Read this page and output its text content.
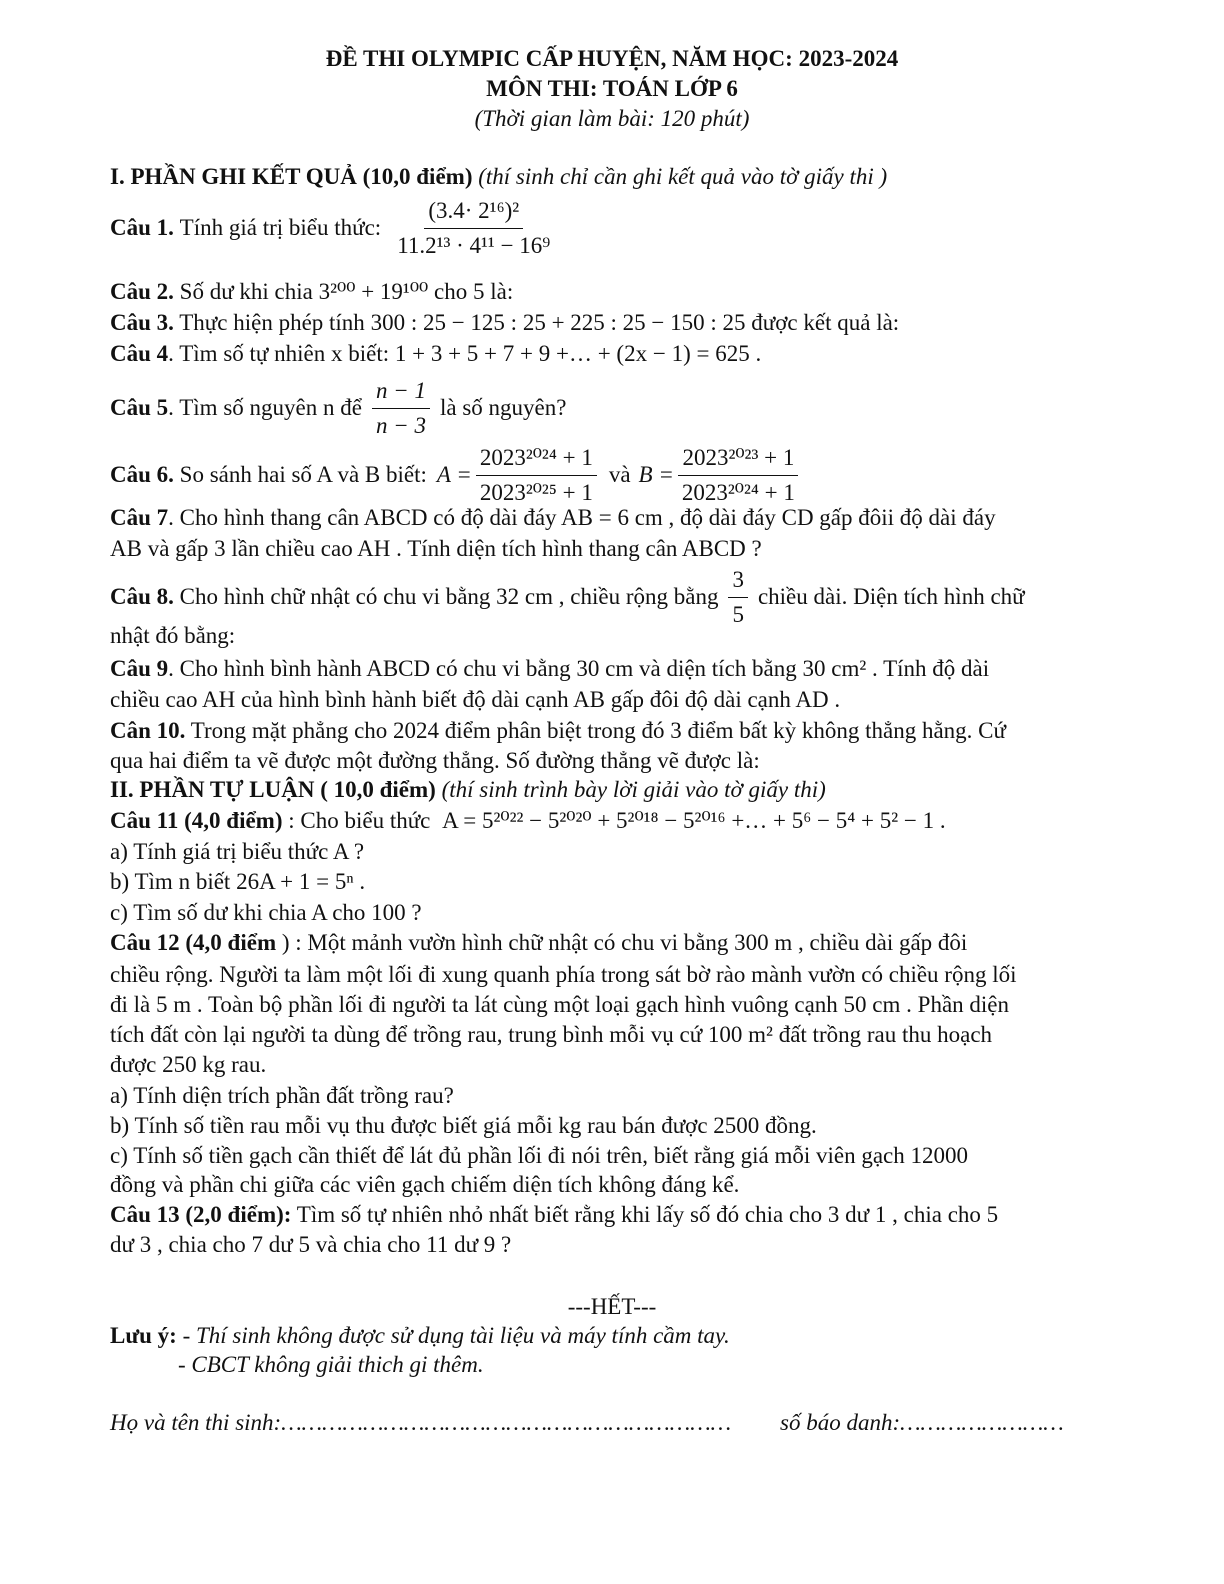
ĐỀ THI OLYMPIC CẤP HUYỆN, NĂM HỌC: 2023-2024
MÔN THI: TOÁN LỚP 6
(Thời gian làm bài: 120 phút)
I. PHẦN GHI KẾT QUẢ (10,0 điểm) (thí sinh chỉ cần ghi kết quả vào tờ giấy thi )
Câu 1.
Tính giá trị biểu thức: $\frac{\text{(3.4· 2¹⁶)²}}{\text{11.2¹³ · 4¹¹ − 16⁹}}$
Câu 2. Số dư khi chia 3²⁰⁰ + 19¹⁰⁰ cho 5 là:
Câu 3. Thực hiện phép tính 300 : 25 − 125 : 25 + 225 : 25 − 150 : 25 được kết quả là:
Câu 4. Tìm số tự nhiên x biết: 1 + 3 + 5 + 7 + 9 +… + (2x − 1) = 625 .
Câu 5 . Tìm số nguyên n để $\frac{n - 1}{n - 3}$ là số nguyên?
Câu 6.
So sánh hai số A và B biết: $A = \frac{\text{2023²⁰²⁴ + 1}}{\text{2023²⁰²⁵ + 1}}$ và $B = \frac{\text{2023²⁰²³ + 1}}{\text{2023²⁰²⁴ + 1}}$
Câu 7. Cho hình thang cân ABCD có độ dài đáy AB = 6 cm , độ dài đáy CD gấp đôii độ dài đáy
AB và gấp 3 lần chiều cao AH . Tính diện tích hình thang cân ABCD ?
Câu 8.
Cho hình chữ nhật có chu vi bằng 32 cm , chiều rộng bằng $\frac{3}{5}$ chiều dài. Diện tích hình chữ
nhật đó bằng:
Câu 9. Cho hình bình hành ABCD có chu vi bằng 30 cm và diện tích bằng 30 cm² . Tính độ dài
chiều cao AH của hình bình hành biết độ dài cạnh AB gấp đôi độ dài cạnh AD .
Cân 10. Trong mặt phẳng cho 2024 điểm phân biệt trong đó 3 điểm bất kỳ không thẳng hằng. Cứ
qua hai điểm ta vẽ được một đường thẳng. Số đường thẳng vẽ được là:
II. PHẦN TỰ LUẬN ( 10,0 điểm) (thí sinh trình bày lời giải vào tờ giấy thi)
Câu 11 (4,0 điểm) : Cho biểu thức A = 5²⁰²² − 5²⁰²⁰ + 5²⁰¹⁸ − 5²⁰¹⁶ +… + 5⁶ − 5⁴ + 5² − 1 .
a) Tính giá trị biểu thức A ?
b) Tìm n biết 26A + 1 = 5ⁿ .
c) Tìm số dư khi chia A cho 100 ?
Câu 12 (4,0 điểm ) : Một mảnh vườn hình chữ nhật có chu vi bằng 300 m , chiều dài gấp đôi
chiều rộng. Người ta làm một lối đi xung quanh phía trong sát bờ rào mành vườn có chiều rộng lối
đi là 5 m . Toàn bộ phần lối đi người ta lát cùng một loại gạch hình vuông cạnh 50 cm . Phần diện
tích đất còn lại người ta dùng để trồng rau, trung bình mỗi vụ cứ 100 m² đất trồng rau thu hoạch
được 250 kg rau.
a) Tính diện trích phần đất trồng rau?
b) Tính số tiền rau mỗi vụ thu được biết giá mỗi kg rau bán được 2500 đồng.
c) Tính số tiền gạch cần thiết để lát đủ phần lối đi nói trên, biết rằng giá mỗi viên gạch 12000
đồng và phần chi giữa các viên gạch chiếm diện tích không đáng kể.
Câu 13 (2,0 điểm): Tìm số tự nhiên nhỏ nhất biết rằng khi lấy số đó chia cho 3 dư 1 , chia cho 5
dư 3 , chia cho 7 dư 5 và chia cho 11 dư 9 ?
---HẾT---
Lưu ý: - Thí sinh không được sử dụng tài liệu và máy tính cầm tay.
- CBCT không giải thich gi thêm.
Họ và tên thi sinh:………………………………………………………… số báo danh:……………………
